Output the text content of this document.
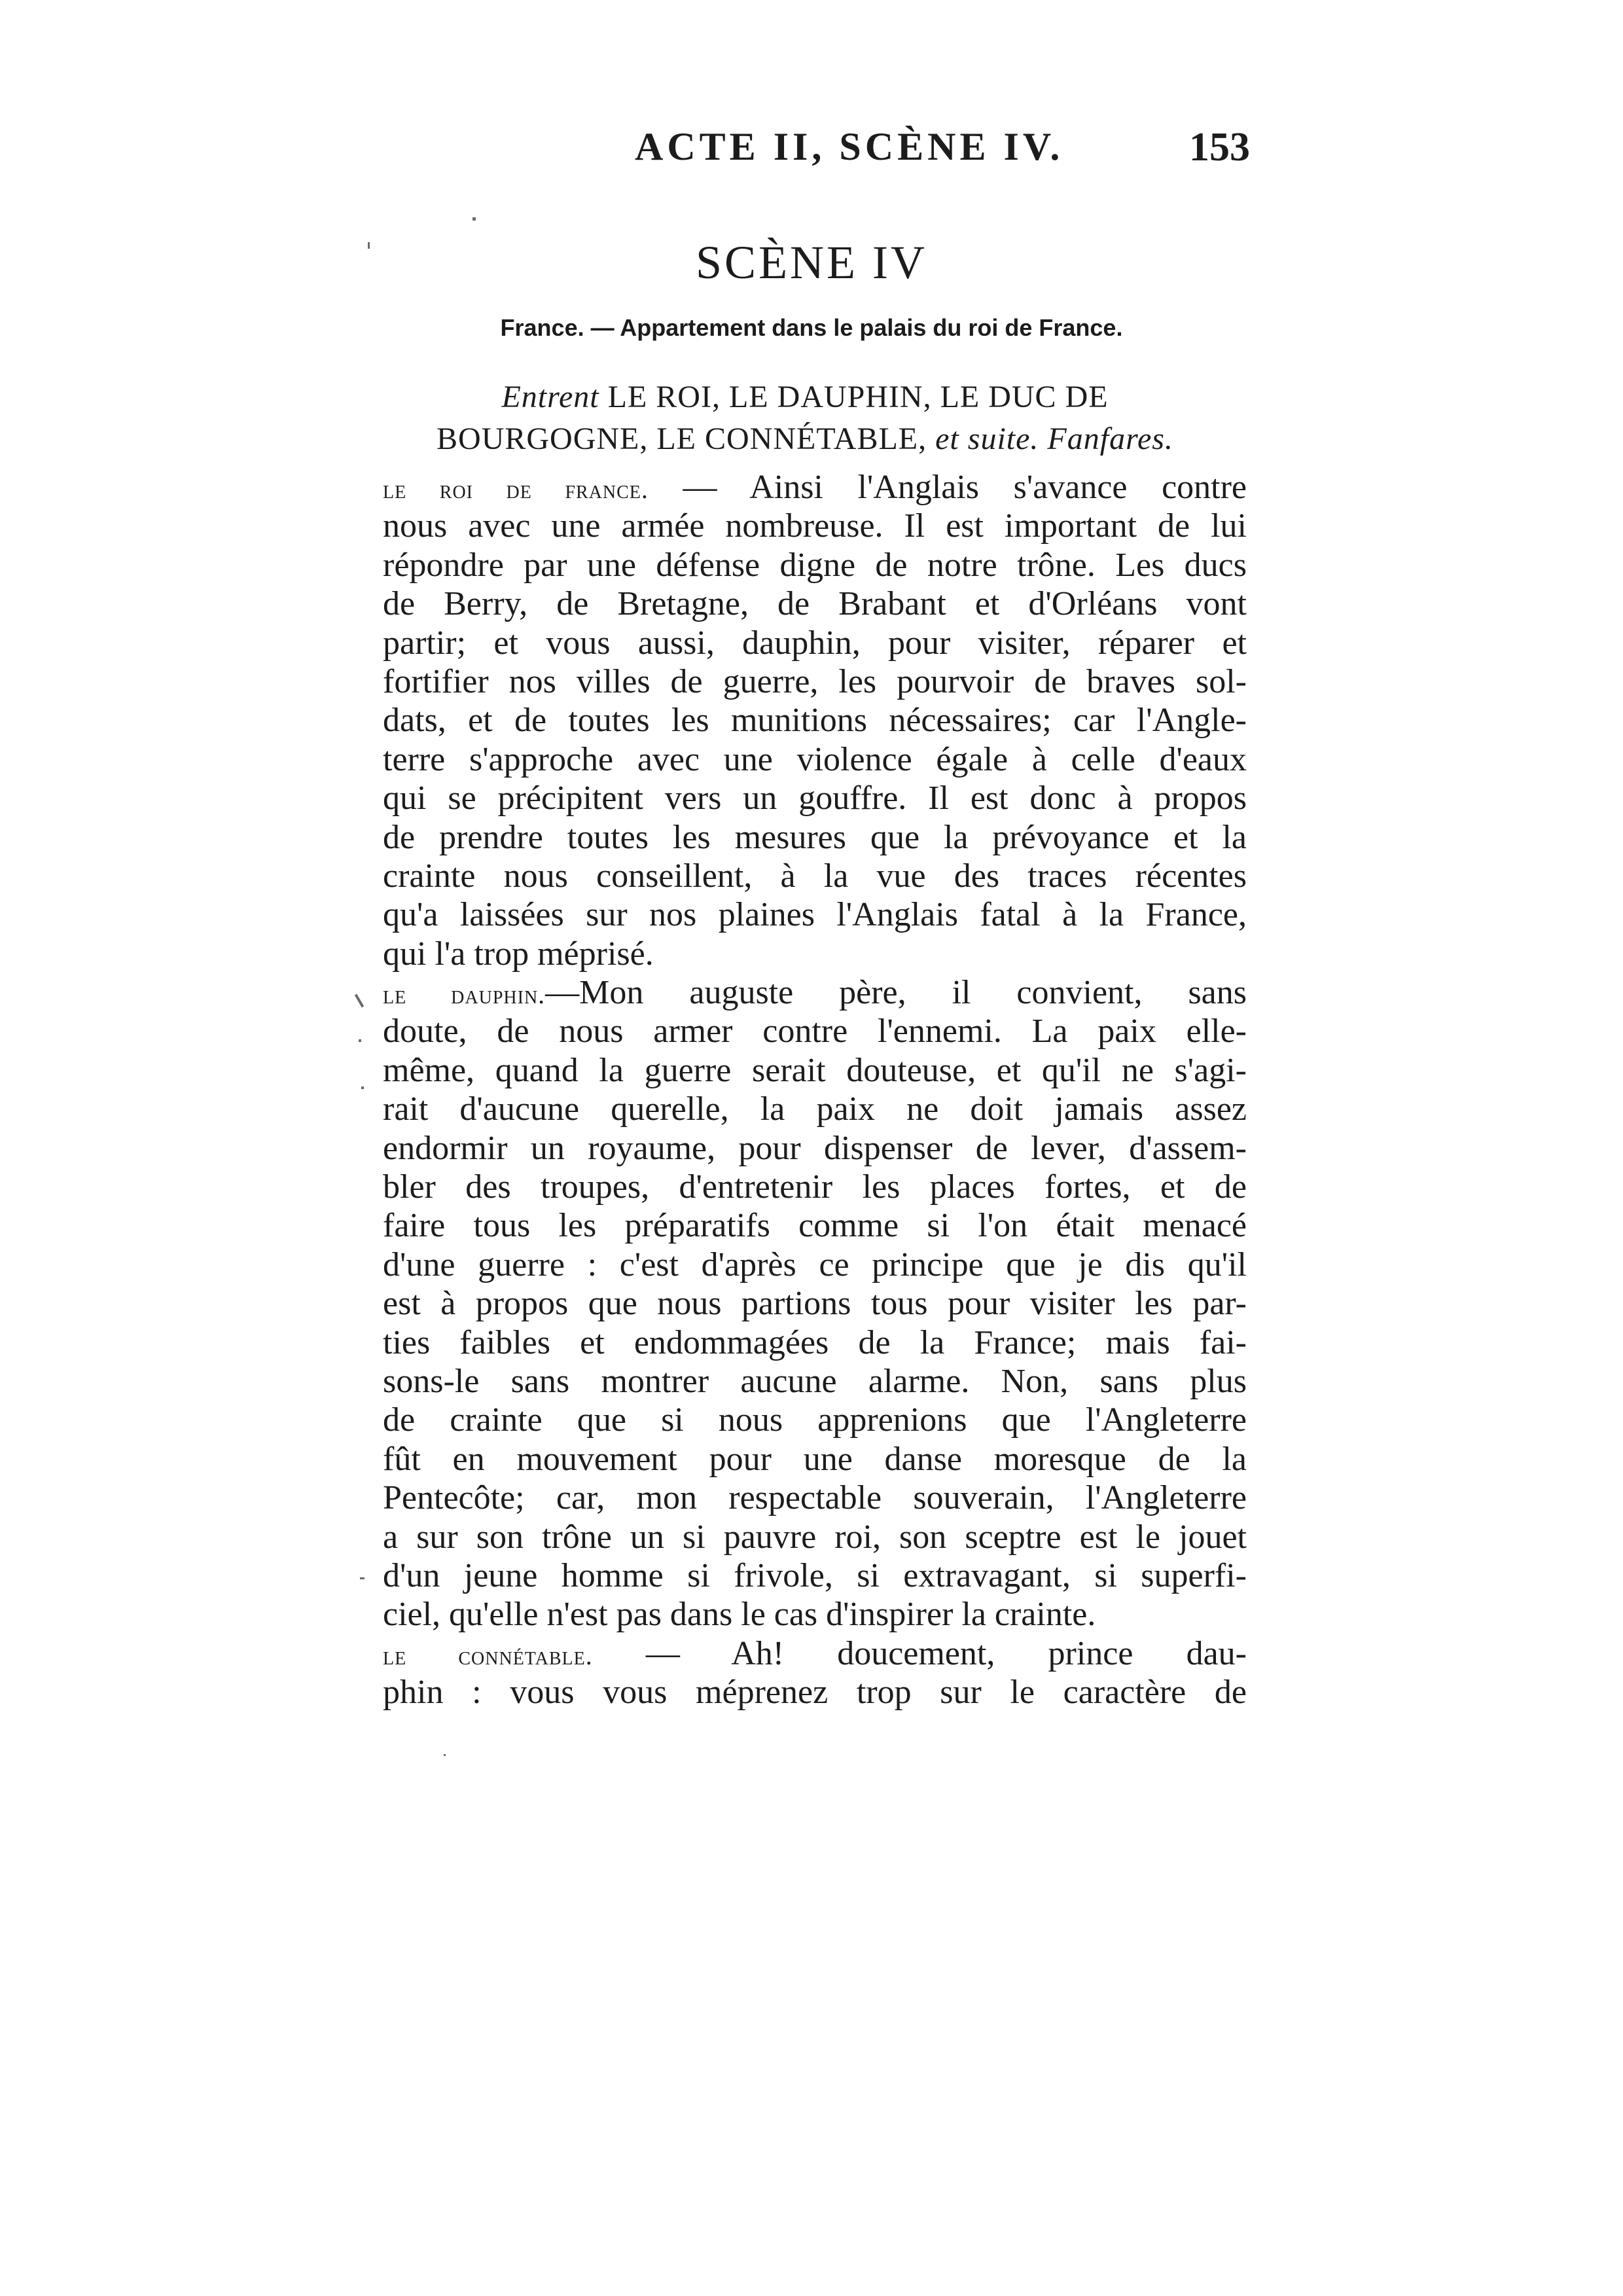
ACTE II, SCÈNE IV.	153
SCÈNE IV
France. — Appartement dans le palais du roi de France.
Entrent LE ROI, LE DAUPHIN, LE DUC DE
BOURGOGNE, LE CONNÉTABLE, et suite. Fanfares.
le roi de france. — Ainsi l'Anglais s'avance contre
nous avec une armée nombreuse. Il est important de lui
répondre par une défense digne de notre trône. Les ducs
de Berry, de Bretagne, de Brabant et d'Orléans vont
partir; et vous aussi, dauphin, pour visiter, réparer et
fortifier nos villes de guerre, les pourvoir de braves sol-
dats, et de toutes les munitions nécessaires; car l'Angle-
terre s'approche avec une violence égale à celle d'eaux
qui se précipitent vers un gouffre. Il est donc à propos
de prendre toutes les mesures que la prévoyance et la
crainte nous conseillent, à la vue des traces récentes
qu'a laissées sur nos plaines l'Anglais fatal à la France,
qui l'a trop méprisé.
le dauphin.—Mon auguste père, il convient, sans
doute, de nous armer contre l'ennemi. La paix elle-
même, quand la guerre serait douteuse, et qu'il ne s'agi-
rait d'aucune querelle, la paix ne doit jamais assez
endormir un royaume, pour dispenser de lever, d'assem-
bler des troupes, d'entretenir les places fortes, et de
faire tous les préparatifs comme si l'on était menacé
d'une guerre : c'est d'après ce principe que je dis qu'il
est à propos que nous partions tous pour visiter les par-
ties faibles et endommagées de la France; mais fai-
sons-le sans montrer aucune alarme. Non, sans plus
de crainte que si nous apprenions que l'Angleterre
fût en mouvement pour une danse moresque de la
Pentecôte; car, mon respectable souverain, l'Angleterre
a sur son trône un si pauvre roi, son sceptre est le jouet
d'un jeune homme si frivole, si extravagant, si superfi-
ciel, qu'elle n'est pas dans le cas d'inspirer la crainte.
le connétable. — Ah! doucement, prince dau-
phin : vous vous méprenez trop sur le caractère de
